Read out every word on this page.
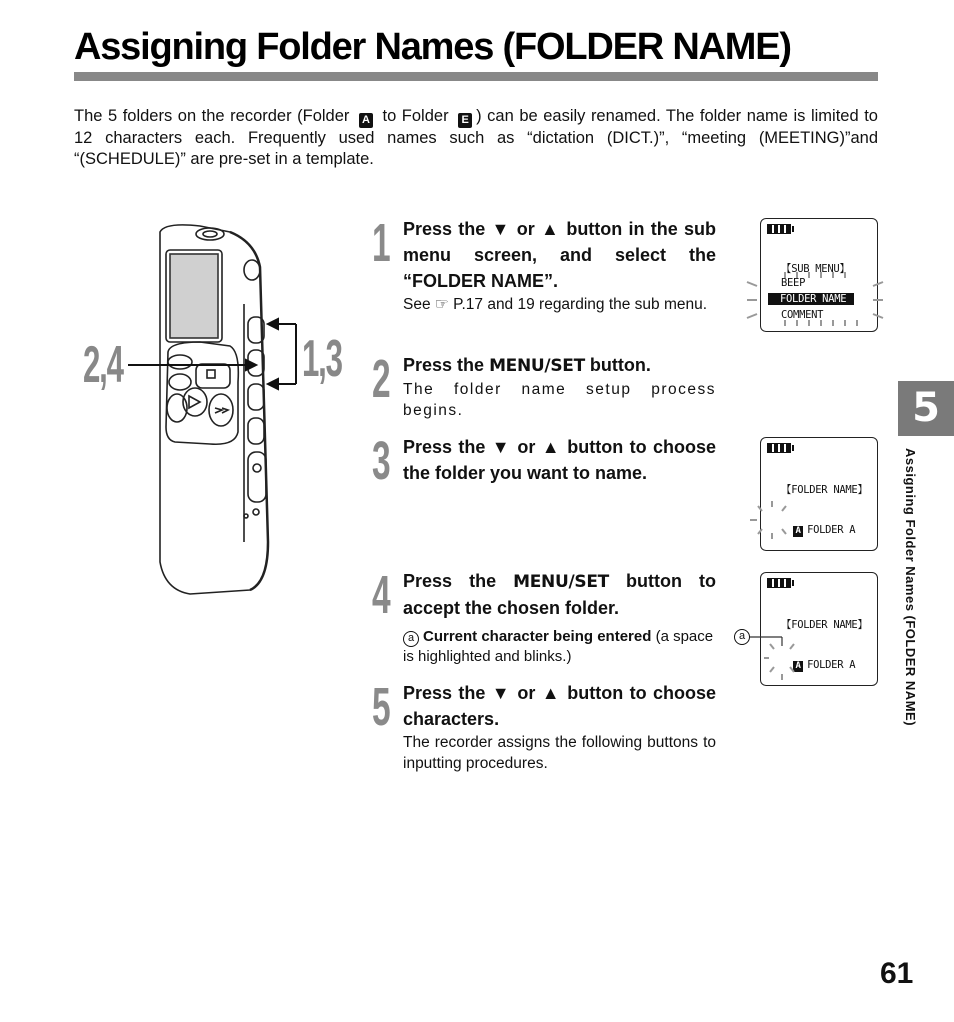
Assigning Folder Names (FOLDER NAME)
The 5 folders on the recorder (Folder A to Folder E ) can be easily renamed. The folder name is limited to 12 characters each. Frequently used names such as “dictation (DICT.)”, “meeting (MEETING)”and “(SCHEDULE)” are pre-set in a template.
2,4	1,3
1 Press the ▼ or ▲ button in the sub menu screen, and select the “FOLDER NAME”.
See ☞ P.17 and 19 regarding the sub menu.
2 Press the MENU/SET button.
The folder name setup process begins.
3 Press the ▼ or ▲ button to choose the folder you want to name.
4 Press the MENU/SET button to accept the chosen folder.
a Current character being entered (a space is highlighted and blinks.)
5 Press the ▼ or ▲ button to choose characters.
The recorder assigns the following buttons to inputting procedures.
【SUB MENU】
BEEP
FOLDER NAME
COMMENT
【FOLDER NAME】

A FOLDER A

【FOLDER NAME】

A FOLDER A

a
5
Assigning Folder Names (FOLDER NAME)
61
